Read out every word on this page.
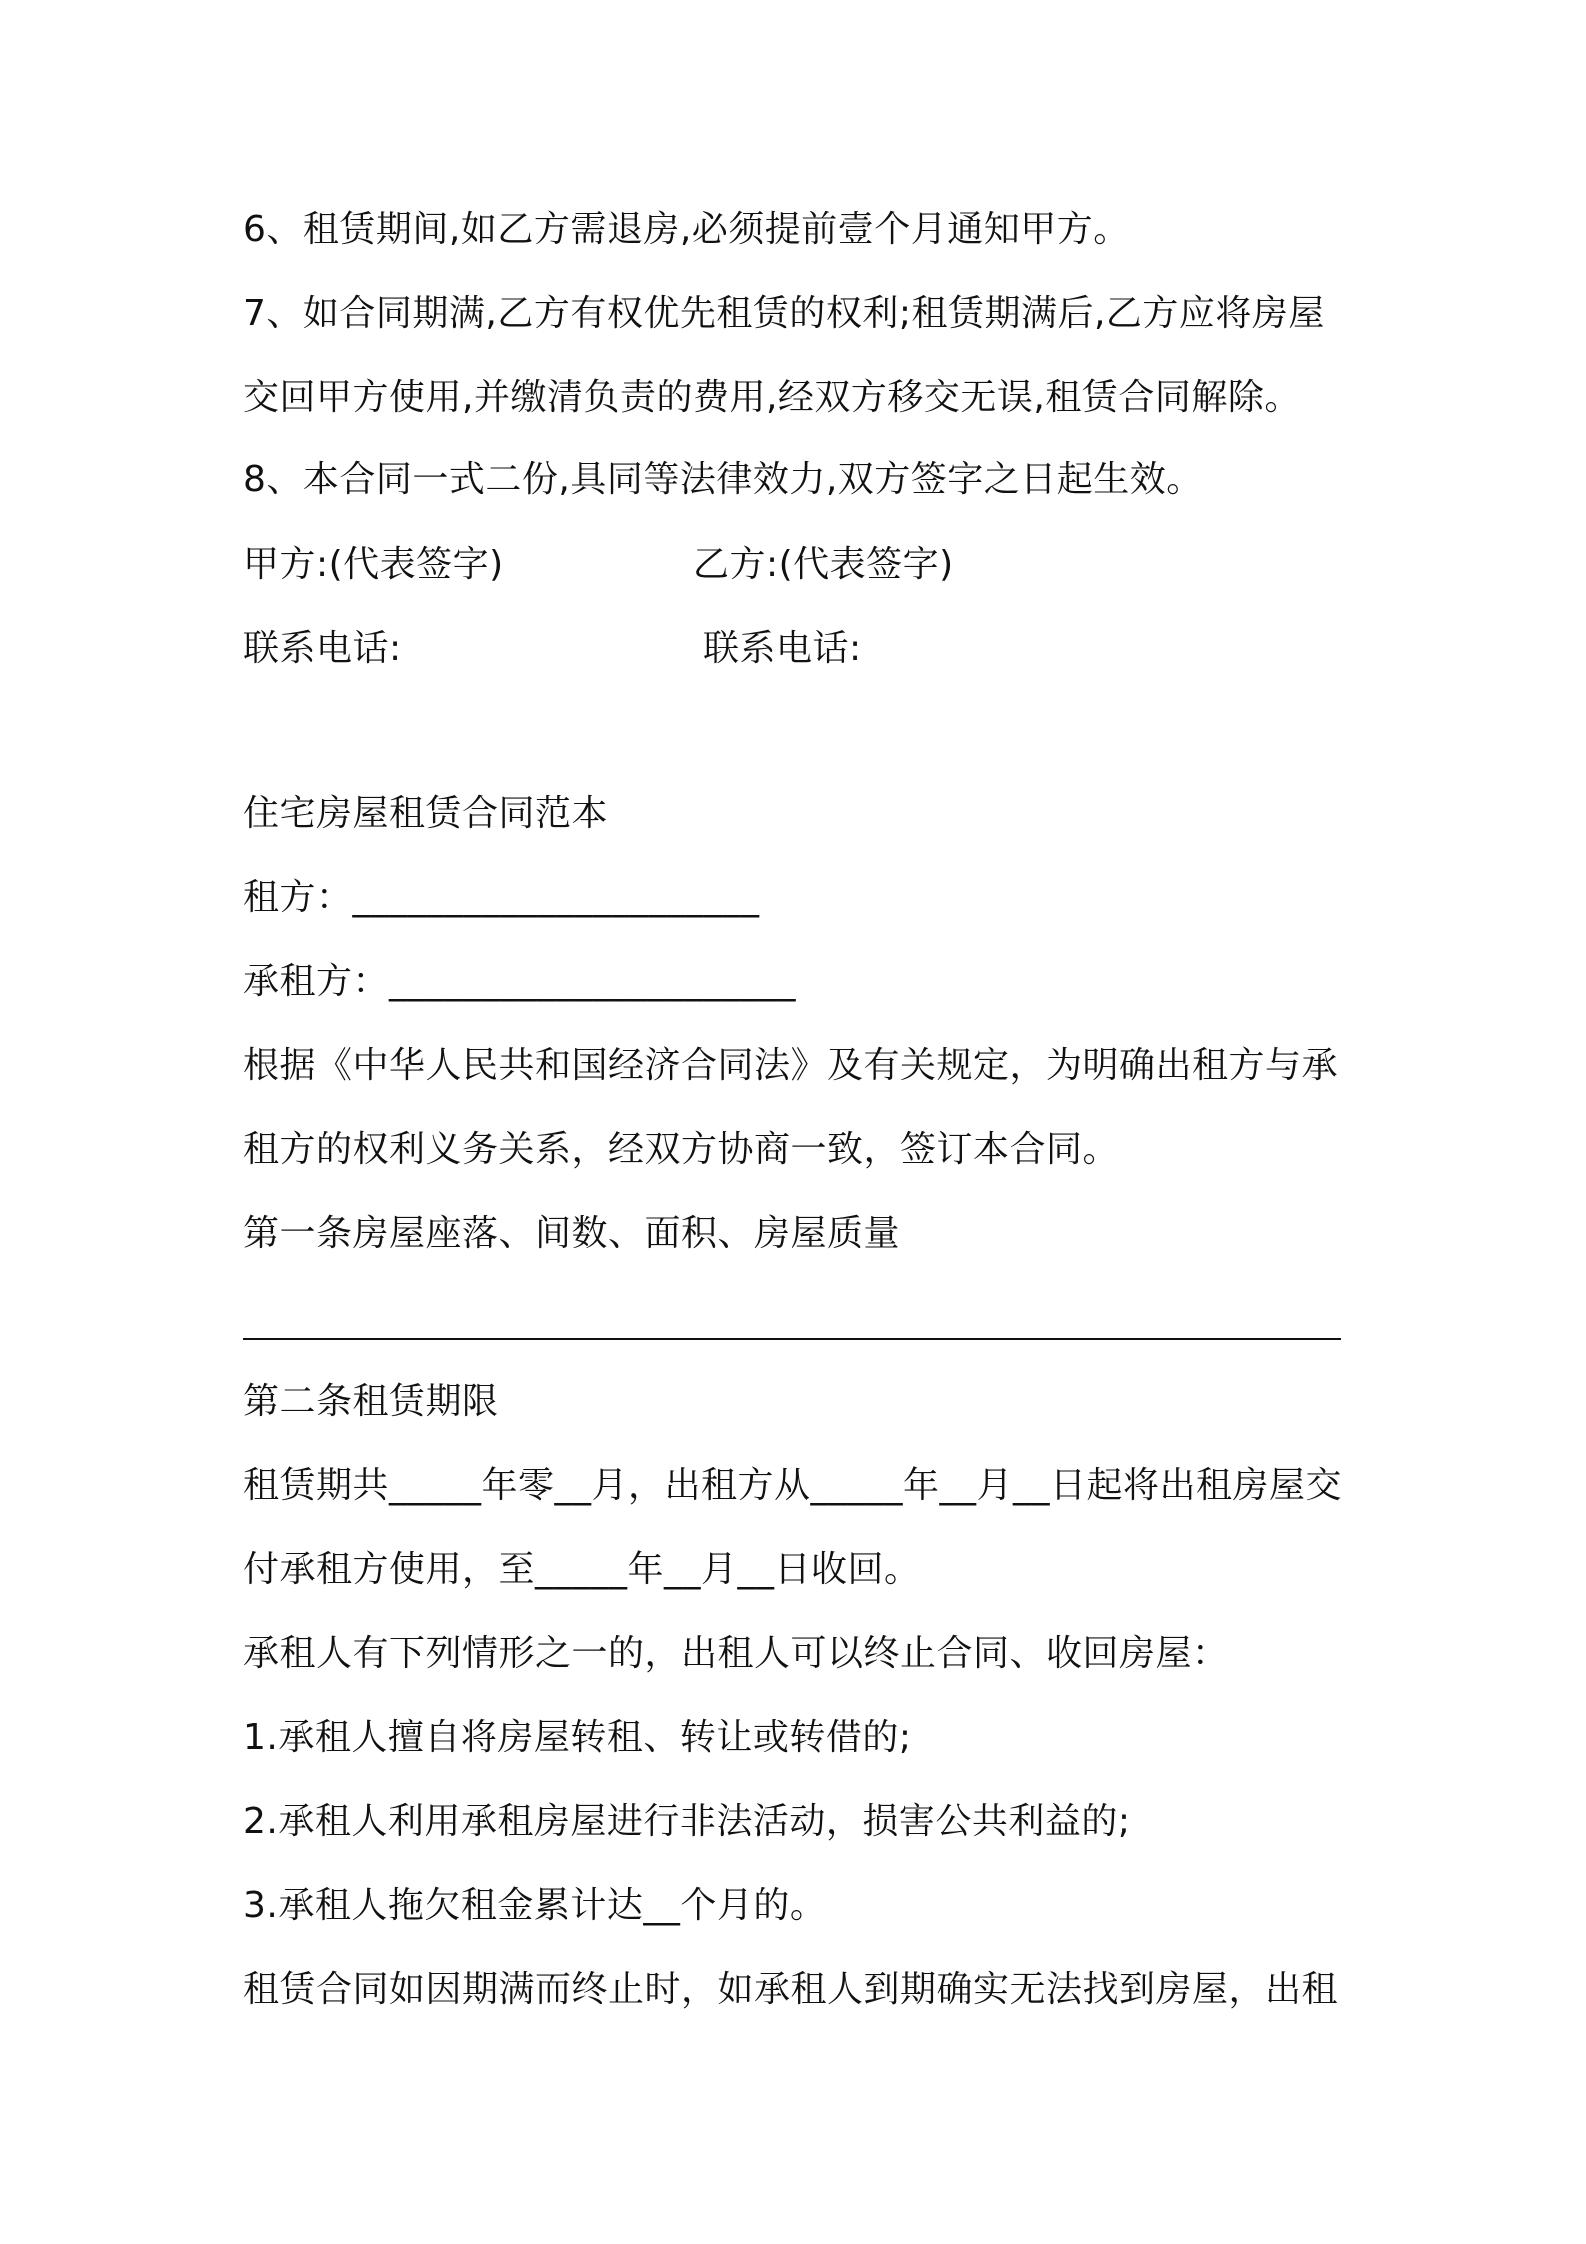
6、租赁期间,如乙方需退房,必须提前壹个月通知甲方。
7、如合同期满,乙方有权优先租赁的权利;租赁期满后,乙方应将房屋
交回甲方使用,并缴清负责的费用,经双方移交无误,租赁合同解除。
8、本合同一式二份,具同等法律效力,双方签字之日起生效。
甲方:(代表签字)	乙方:(代表签字)
联系电话:	联系电话:
住宅房屋租赁合同范本
租方：______________________
承租方：______________________
根据《中华人民共和国经济合同法》及有关规定，为明确出租方与承
租方的权利义务关系，经双方协商一致，签订本合同。
第一条房屋座落、间数、面积、房屋质量
第二条租赁期限
租赁期共_____年零__月，出租方从_____年__月__日起将出租房屋交
付承租方使用，至_____年__月__日收回。
承租人有下列情形之一的，出租人可以终止合同、收回房屋：
1.承租人擅自将房屋转租、转让或转借的;
2.承租人利用承租房屋进行非法活动，损害公共利益的;
3.承租人拖欠租金累计达__个月的。
租赁合同如因期满而终止时，如承租人到期确实无法找到房屋，出租
